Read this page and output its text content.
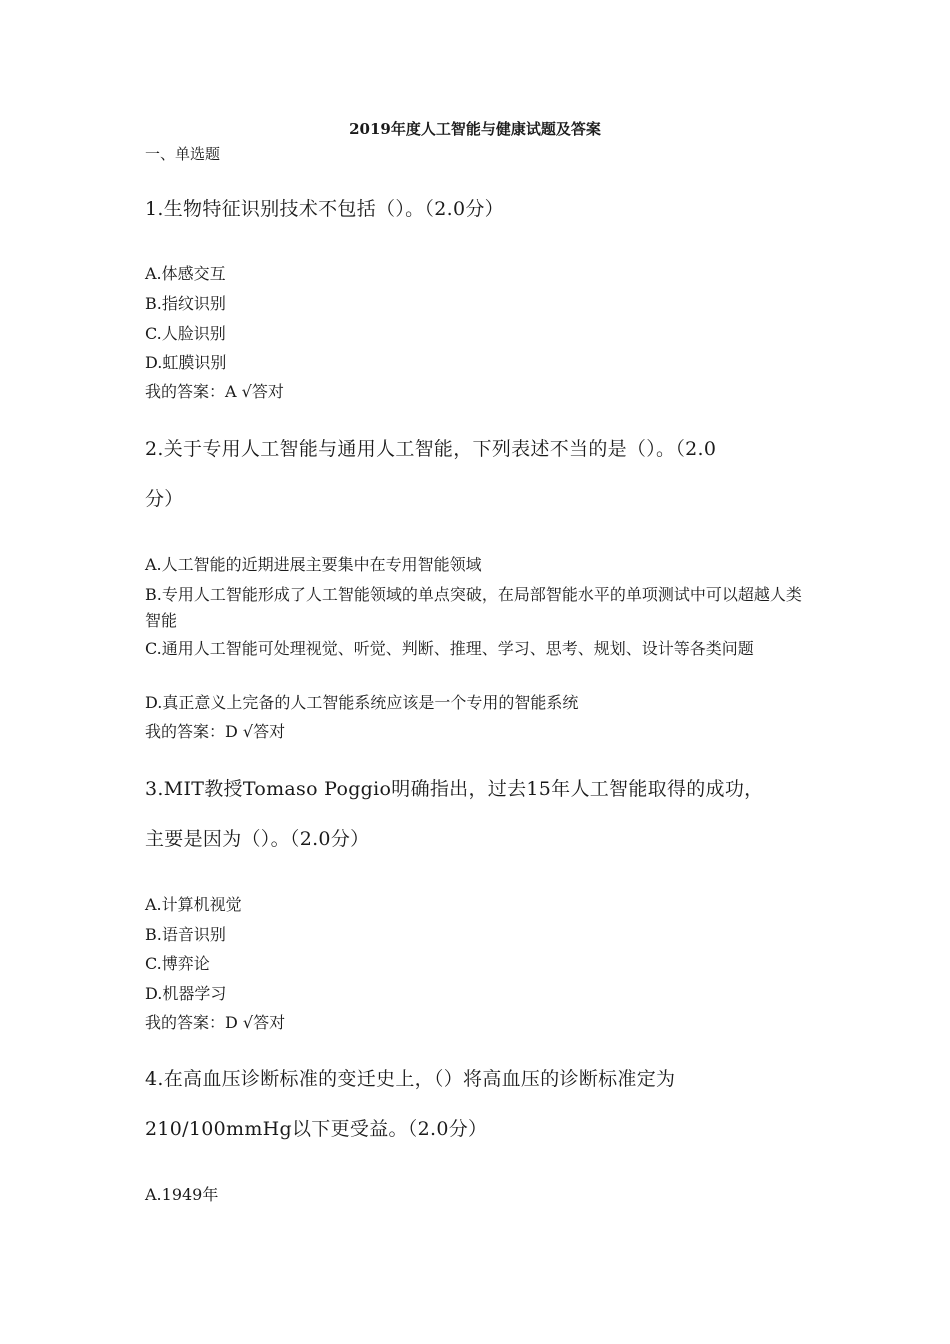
2019年度人工智能与健康试题及答案
一、单选题
1.生物特征识别技术不包括（）。（2.0分）
A.体感交互
B.指纹识别
C.人脸识别
D.虹膜识别
我的答案：A √答对
2.关于专用人工智能与通用人工智能，下列表述不当的是（）。（2.0
分）
A.人工智能的近期进展主要集中在专用智能领域
B.专用人工智能形成了人工智能领域的单点突破，在局部智能水平的单项测试中可以超越人类智能
C.通用人工智能可处理视觉、听觉、判断、推理、学习、思考、规划、设计等各类问题
D.真正意义上完备的人工智能系统应该是一个专用的智能系统
我的答案：D √答对
3.MIT教授Tomaso Poggio明确指出，过去15年人工智能取得的成功，
主要是因为（）。（2.0分）
A.计算机视觉
B.语音识别
C.博弈论
D.机器学习
我的答案：D √答对
4.在高血压诊断标准的变迁史上，（）将高血压的诊断标准定为
210/100mmHg以下更受益。（2.0分）
A.1949年
